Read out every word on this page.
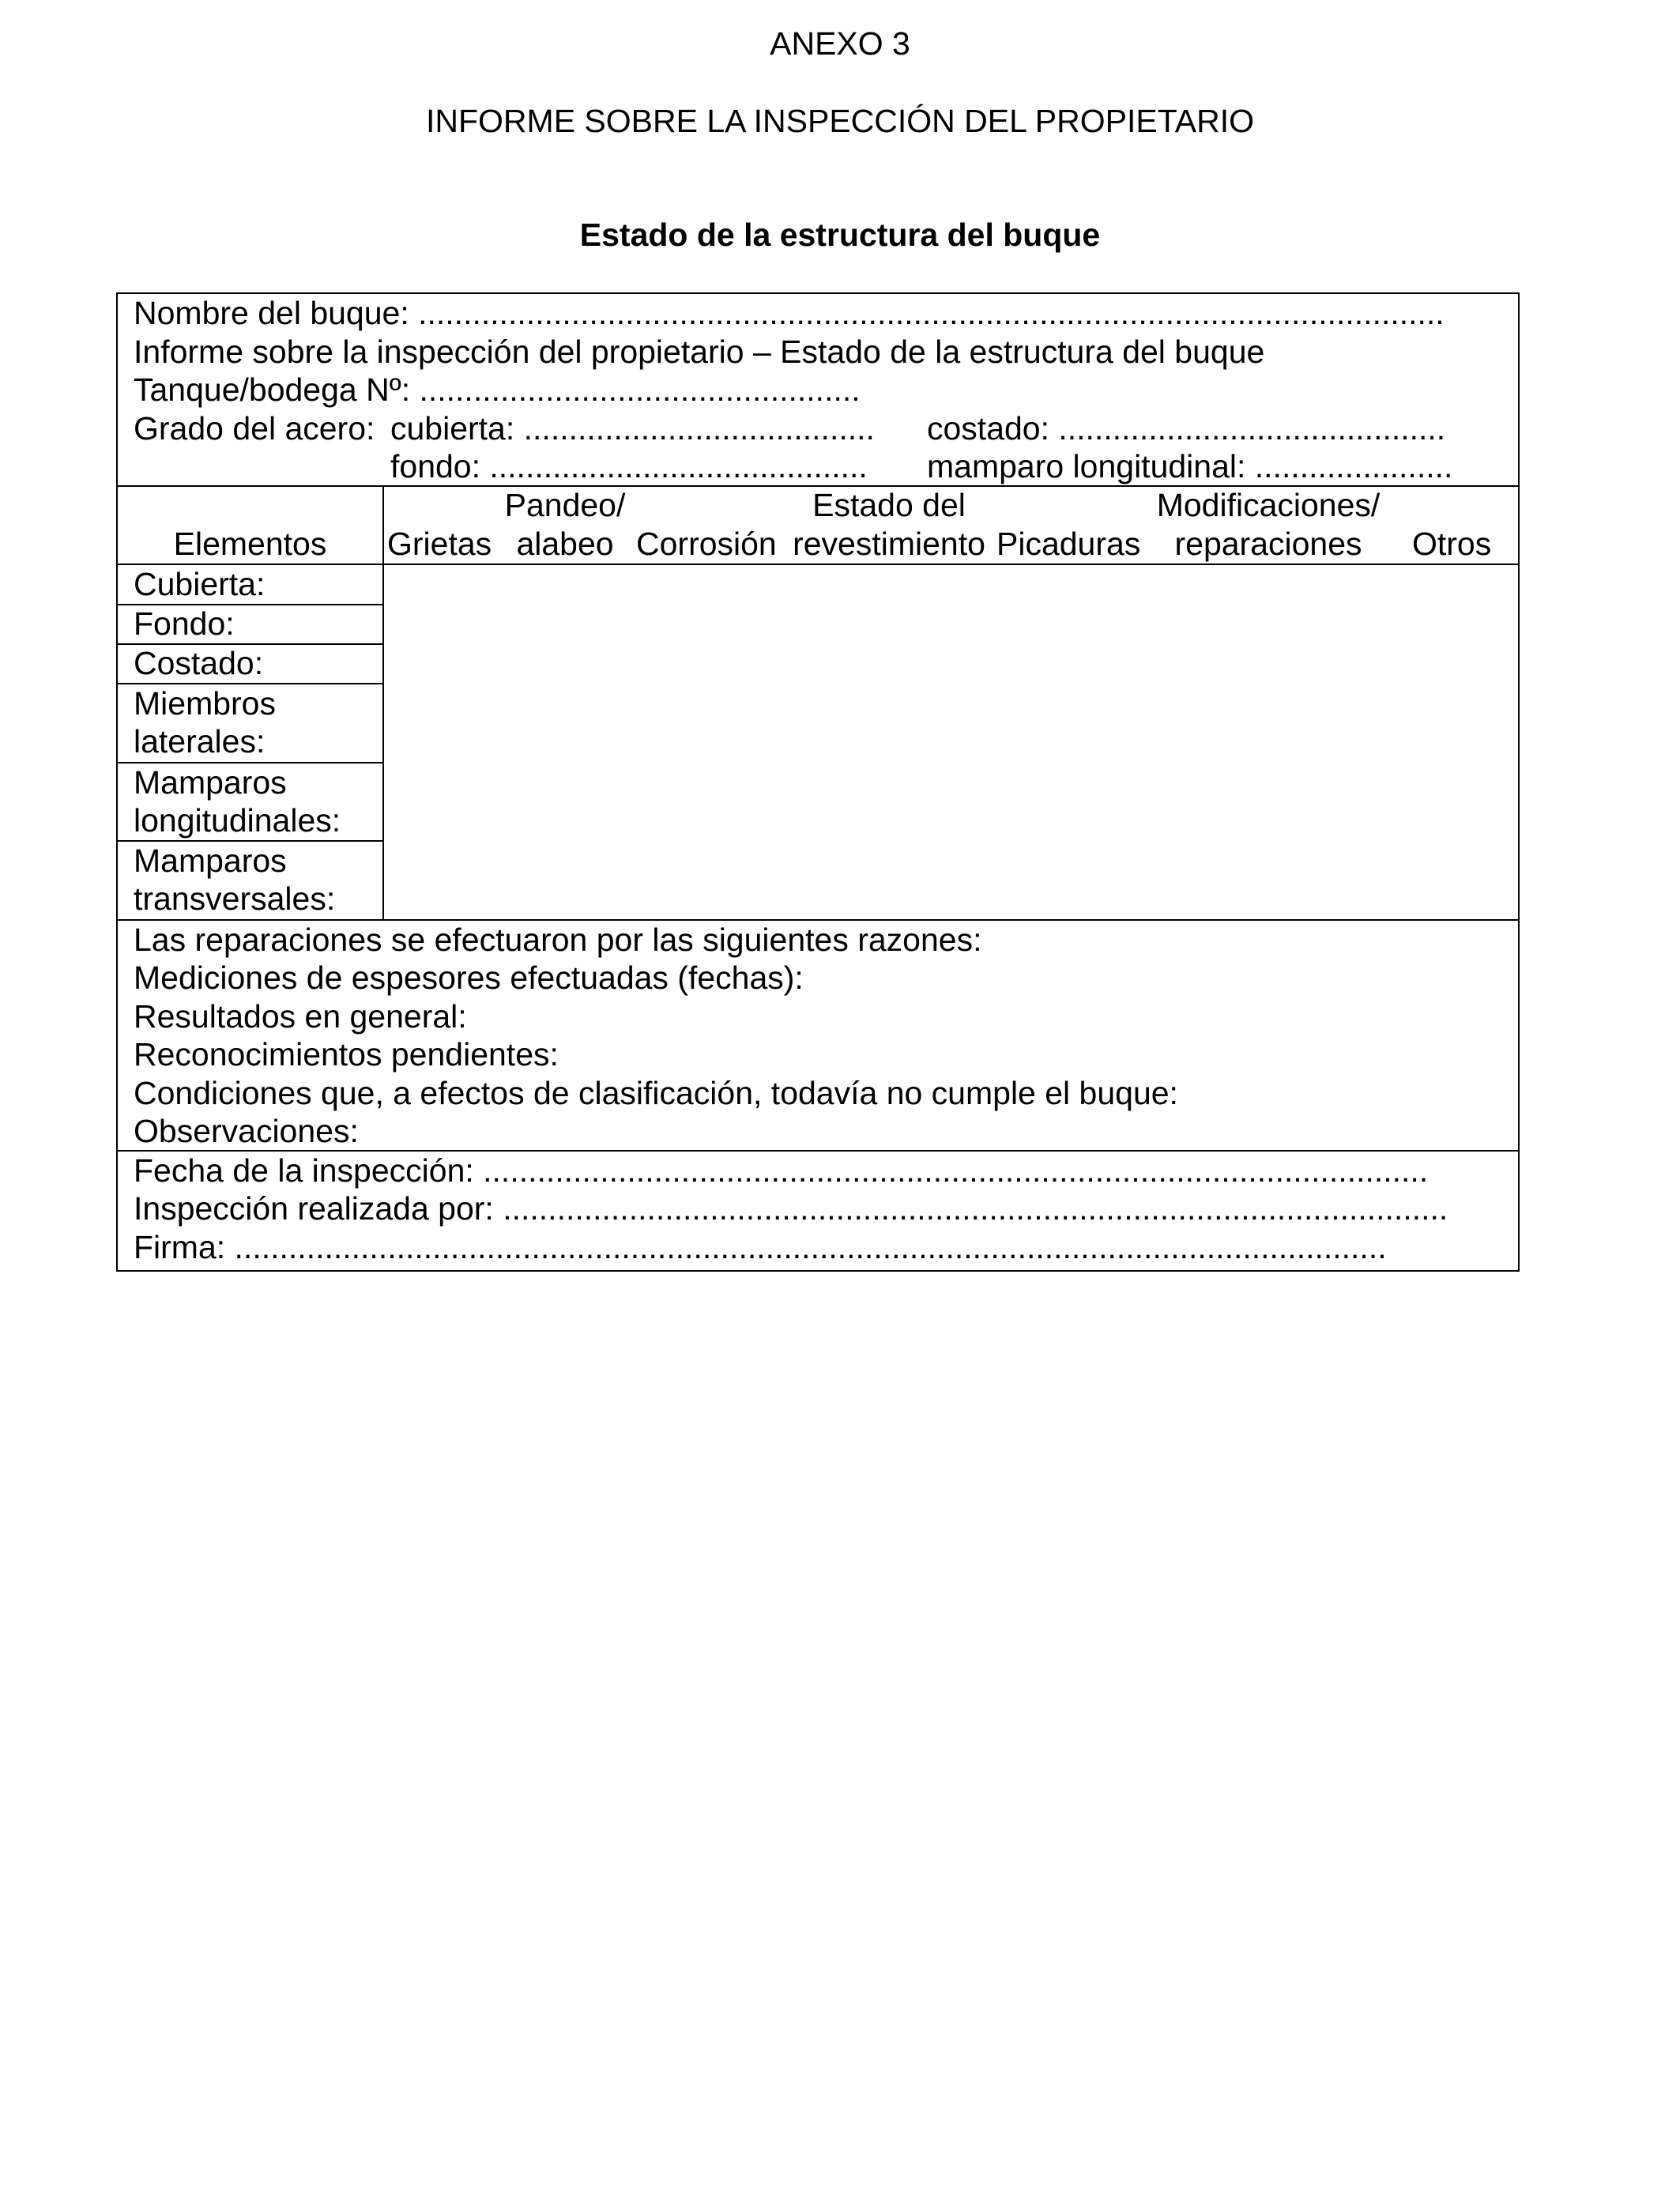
ANEXO 3
INFORME SOBRE LA INSPECCIÓN DEL PROPIETARIO
Estado de la estructura del buque
Nombre del buque: ..................................................................................................................
Informe sobre la inspección del propietario – Estado de la estructura del buque
Tanque/bodega Nº: .................................................
Grado del acero: cubierta: ....................................... costado: ...........................................
fondo: .......................................... mamparo longitudinal: ......................
Elementos	Grietas
Pandeo/
alabeo Corrosión
Estado del
revestimiento Picaduras
Modificaciones/
reparaciones	Otros
Cubierta:
Fondo:
Costado:
Miembros
laterales:
Mamparos
longitudinales:
Mamparos
transversales:
Las reparaciones se efectuaron por las siguientes razones:
Mediciones de espesores efectuadas (fechas):
Resultados en general:
Reconocimientos pendientes:
Condiciones que, a efectos de clasificación, todavía no cumple el buque:
Observaciones:
Fecha de la inspección: .........................................................................................................
Inspección realizada por: .........................................................................................................
Firma: ................................................................................................................................
